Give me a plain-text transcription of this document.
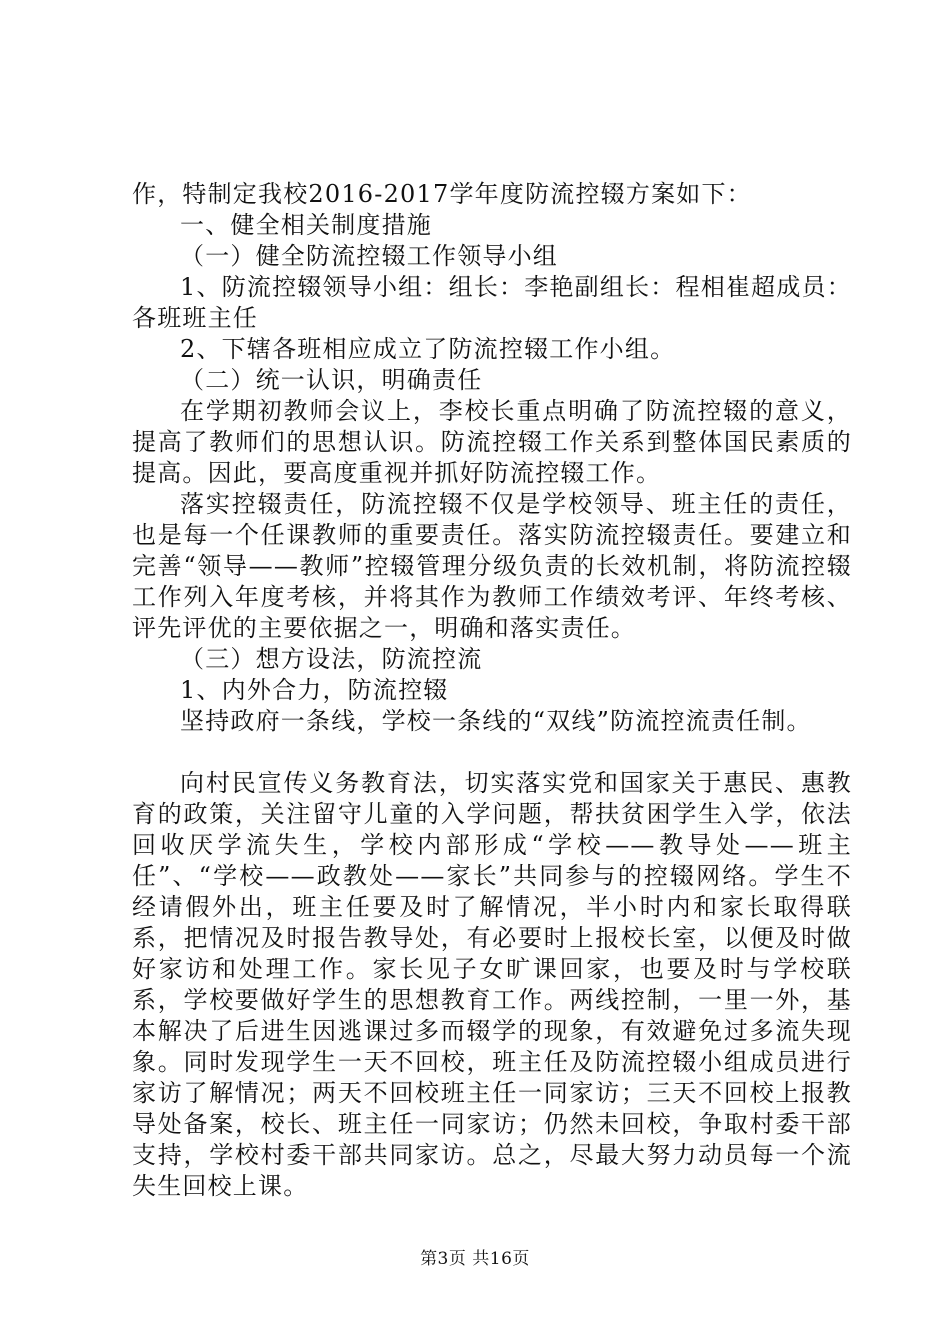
作，特制定我校2016-2017学年度防流控辍方案如下：

一、健全相关制度措施

（一）健全防流控辍工作领导小组

1、防流控辍领导小组：组长：李艳副组长：程相崔超成员：各班班主任

2、下辖各班相应成立了防流控辍工作小组。

（二）统一认识，明确责任

在学期初教师会议上，李校长重点明确了防流控辍的意义，提高了教师们的思想认识。防流控辍工作关系到整体国民素质的提高。因此，要高度重视并抓好防流控辍工作。

落实控辍责任，防流控辍不仅是学校领导、班主任的责任，也是每一个任课教师的重要责任。落实防流控辍责任。要建立和完善“领导——教师”控辍管理分级负责的长效机制，将防流控辍工作列入年度考核，并将其作为教师工作绩效考评、年终考核、评先评优的主要依据之一，明确和落实责任。

（三）想方设法，防流控流

1、内外合力，防流控辍

坚持政府一条线，学校一条线的“双线”防流控流责任制。

向村民宣传义务教育法，切实落实党和国家关于惠民、惠教育的政策，关注留守儿童的入学问题，帮扶贫困学生入学，依法回收厌学流失生，学校内部形成“学校——教导处——班主任”、“学校——政教处——家长”共同参与的控辍网络。学生不经请假外出，班主任要及时了解情况，半小时内和家长取得联系，把情况及时报告教导处，有必要时上报校长室，以便及时做好家访和处理工作。家长见子女旷课回家，也要及时与学校联系，学校要做好学生的思想教育工作。两线控制，一里一外，基本解决了后进生因逃课过多而辍学的现象，有效避免过多流失现象。同时发现学生一天不回校，班主任及防流控辍小组成员进行家访了解情况；两天不回校班主任一同家访；三天不回校上报教导处备案，校长、班主任一同家访；仍然未回校，争取村委干部支持，学校村委干部共同家访。总之，尽最大努力动员每一个流失生回校上课。

第3页 共16页
